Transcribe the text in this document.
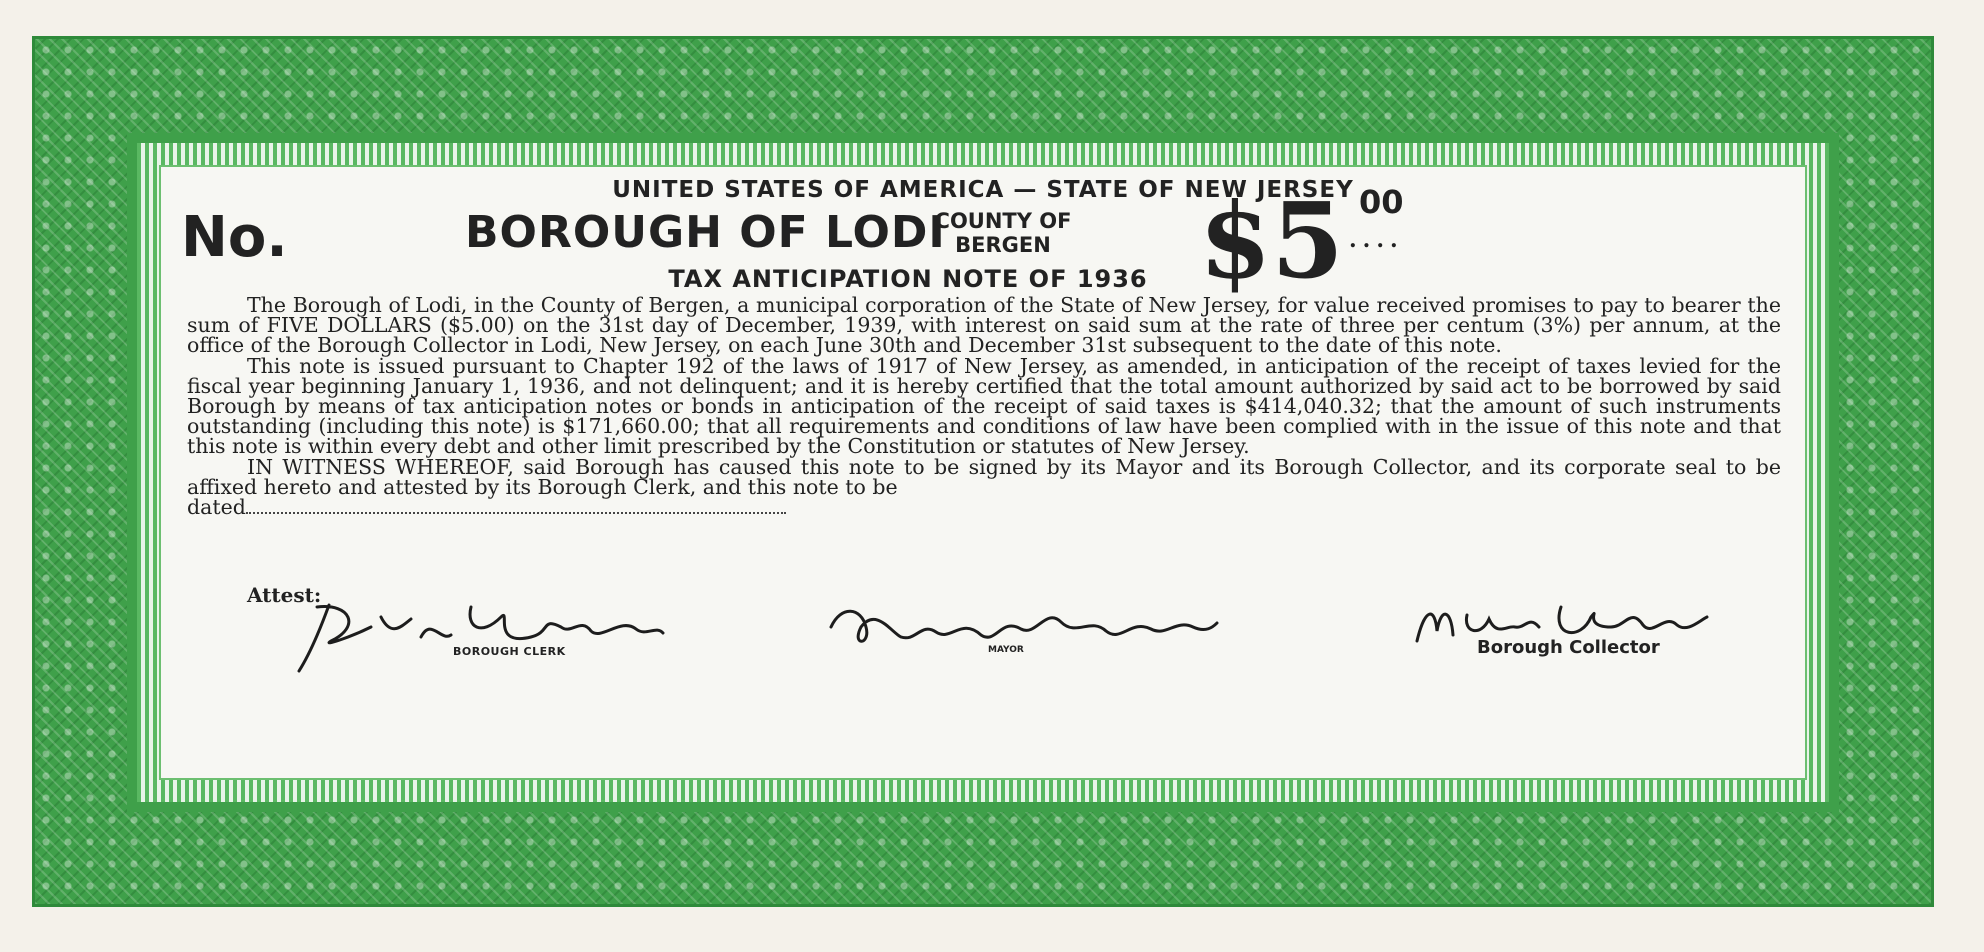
UNITED STATES OF AMERICA — STATE OF NEW JERSEY
No.	BOROUGH OF LODI
COUNTY OF BERGEN	$5 00
....
TAX ANTICIPATION NOTE OF 1936

The Borough of Lodi, in the County of Bergen, a municipal corporation of the State of New Jersey, for value received promises to pay to bearer the sum of FIVE DOLLARS ($5.00) on the 31st day of December, 1939, with interest on said sum at the rate of three per centum (3%) per annum, at the office of the Borough Collector in Lodi, New Jersey, on each June 30th and December 31st subsequent to the date of this note.

This note is issued pursuant to Chapter 192 of the laws of 1917 of New Jersey, as amended, in anticipation of the receipt of taxes levied for the fiscal year beginning January 1, 1936, and not delinquent; and it is hereby certified that the total amount authorized by said act to be borrowed by said Borough by means of tax anticipation notes or bonds in anticipation of the receipt of said taxes is $414,040.32; that the amount of such instruments outstanding (including this note) is $171,660.00; that all requirements and conditions of law have been complied with in the issue of this note and that this note is within every debt and other limit prescribed by the Constitution or statutes of New Jersey.

IN WITNESS WHEREOF, said Borough has caused this note to be signed by its Mayor and its Borough Collector, and its corporate seal to be affixed hereto and attested by its Borough Clerk, and this note to be

dated
Attest:
BOROUGH CLERK	MAYOR	Borough Collector
